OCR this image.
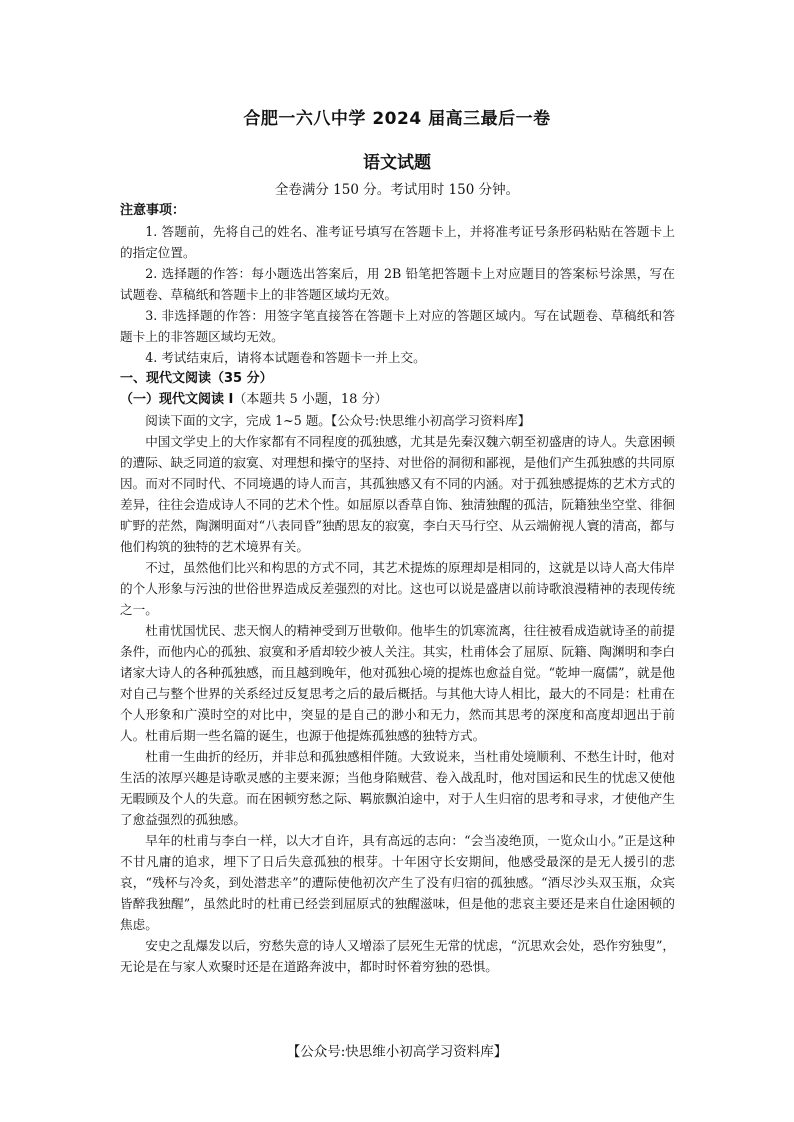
合肥一六八中学 2024 届高三最后一卷
语文试题
全卷满分 150 分。考试用时 150 分钟。
注意事项：

1. 答题前，先将自己的姓名、准考证号填写在答题卡上，并将准考证号条形码粘贴在答题卡上的指定位置。

2. 选择题的作答：每小题选出答案后，用 2B 铅笔把答题卡上对应题目的答案标号涂黑，写在试题卷、草稿纸和答题卡上的非答题区域均无效。

3. 非选择题的作答：用签字笔直接答在答题卡上对应的答题区域内。写在试题卷、草稿纸和答题卡上的非答题区域均无效。

4. 考试结束后，请将本试题卷和答题卡一并上交。

一、现代文阅读（35 分）
（一）现代文阅读 I（本题共 5 小题，18 分）

阅读下面的文字，完成 1~5 题。【公众号:快思维小初高学习资料库】

中国文学史上的大作家都有不同程度的孤独感，尤其是先秦汉魏六朝至初盛唐的诗人。失意困顿的遭际、缺乏同道的寂寞、对理想和操守的坚持、对世俗的洞彻和鄙视，是他们产生孤独感的共同原因。而对不同时代、不同境遇的诗人而言，其孤独感又有不同的内涵。对于孤独感提炼的艺术方式的差异，往往会造成诗人不同的艺术个性。如屈原以香草自饰、独清独醒的孤洁，阮籍独坐空堂、徘徊旷野的茫然，陶渊明面对“八表同昏”独酌思友的寂寞，李白天马行空、从云端俯视人寰的清高，都与他们构筑的独特的艺术境界有关。

不过，虽然他们比兴和构思的方式不同，其艺术提炼的原理却是相同的，这就是以诗人高大伟岸的个人形象与污浊的世俗世界造成反差强烈的对比。这也可以说是盛唐以前诗歌浪漫精神的表现传统之一。

杜甫忧国忧民、悲天悯人的精神受到万世敬仰。他毕生的饥寒流离，往往被看成造就诗圣的前提条件，而他内心的孤独、寂寞和矛盾却较少被人关注。其实，杜甫体会了屈原、阮籍、陶渊明和李白诸家大诗人的各种孤独感，而且越到晚年，他对孤独心境的提炼也愈益自觉。“乾坤一腐儒”，就是他对自己与整个世界的关系经过反复思考之后的最后概括。与其他大诗人相比，最大的不同是：杜甫在个人形象和广漠时空的对比中，突显的是自己的渺小和无力，然而其思考的深度和高度却迥出于前人。杜甫后期一些名篇的诞生，也源于他提炼孤独感的独特方式。

杜甫一生曲折的经历，并非总和孤独感相伴随。大致说来，当杜甫处境顺利、不愁生计时，他对生活的浓厚兴趣是诗歌灵感的主要来源；当他身陷贼营、卷入战乱时，他对国运和民生的忧虑又使他无暇顾及个人的失意。而在困顿穷愁之际、羁旅飘泊途中，对于人生归宿的思考和寻求，才使他产生了愈益强烈的孤独感。

早年的杜甫与李白一样，以大才自许，具有高远的志向：“会当凌绝顶，一览众山小。”正是这种不甘凡庸的追求，埋下了日后失意孤独的根芽。十年困守长安期间，他感受最深的是无人援引的悲哀，“残杯与冷炙，到处潜悲辛”的遭际使他初次产生了没有归宿的孤独感。“酒尽沙头双玉瓶，众宾皆醉我独醒”，虽然此时的杜甫已经尝到屈原式的独醒滋味，但是他的悲哀主要还是来自仕途困顿的焦虑。

安史之乱爆发以后，穷愁失意的诗人又增添了层死生无常的忧虑，“沉思欢会处，恐作穷独叟”，无论是在与家人欢聚时还是在道路奔波中，都时时怀着穷独的恐惧。

【公众号:快思维小初高学习资料库】
